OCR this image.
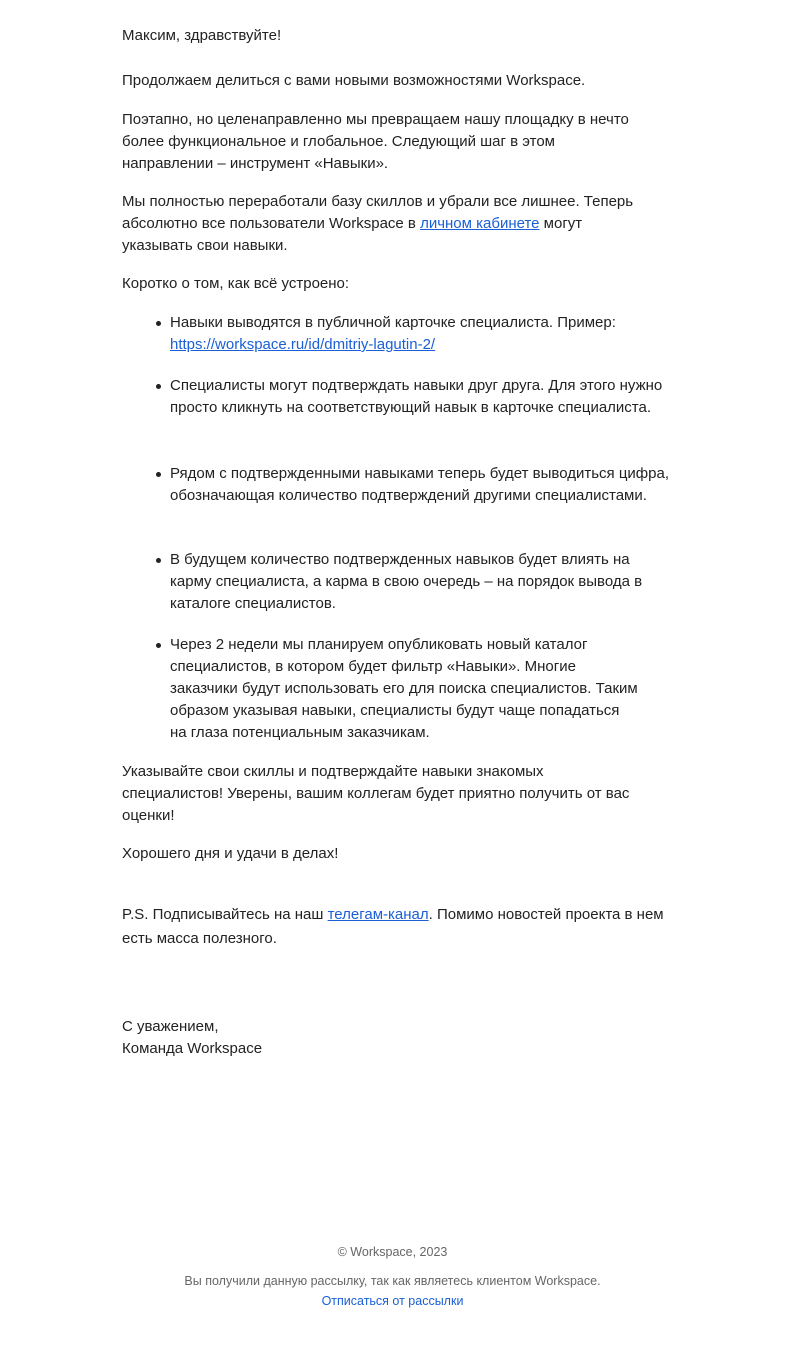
Максим, здравствуйте!

Продолжаем делиться с вами новыми возможностями Workspace.

Поэтапно, но целенаправленно мы превращаем нашу площадку в нечто более функциональное и глобальное. Следующий шаг в этом направлении – инструмент «Навыки».

Мы полностью переработали базу скиллов и убрали все лишнее. Теперь абсолютно все пользователи Workspace в личном кабинете могут указывать свои навыки.

Коротко о том, как всё устроено:

Навыки выводятся в публичной карточке специалиста. Пример: https://workspace.ru/id/dmitriy-lagutin-2/

Специалисты могут подтверждать навыки друг друга. Для этого нужно просто кликнуть на соответствующий навык в карточке специалиста.

Рядом с подтвержденными навыками теперь будет выводиться цифра, обозначающая количество подтверждений другими специалистами.

В будущем количество подтвержденных навыков будет влиять на карму специалиста, а карма в свою очередь – на порядок вывода в каталоге специалистов.

Через 2 недели мы планируем опубликовать новый каталог специалистов, в котором будет фильтр «Навыки». Многие заказчики будут использовать его для поиска специалистов. Таким образом указывая навыки, специалисты будут чаще попадаться на глаза потенциальным заказчикам.

Указывайте свои скиллы и подтверждайте навыки знакомых специалистов! Уверены, вашим коллегам будет приятно получить от вас оценки!

Хорошего дня и удачи в делах!

P.S. Подписывайтесь на наш телегам-канал. Помимо новостей проекта в нем есть масса полезного.

С уважением,

Команда Workspace

© Workspace, 2023
Вы получили данную рассылку, так как являетесь клиентом Workspace.
Отписаться от рассылки
